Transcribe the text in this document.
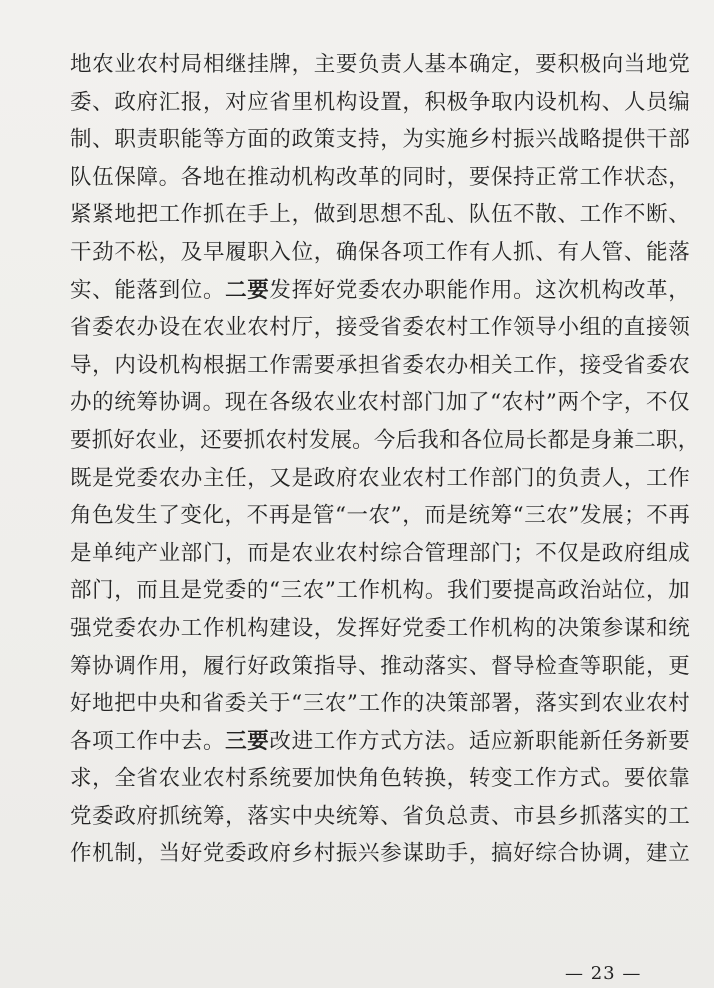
地 农 业 农 村 局 相 继 挂 牌 ， 主 要 负 责 人 基 本 确 定 ， 要 积 极 向 当 地 党
委 、 政 府 汇 报 ， 对 应 省 里 机 构 设 置 ， 积 极 争 取 内 设 机 构 、 人 员 编
制 、 职 责 职 能 等 方 面 的 政 策 支 持 ， 为 实 施 乡 村 振 兴 战 略 提 供 干 部
队 伍 保 障 。 各 地 在 推 动 机 构 改 革 的 同 时 ， 要 保 持 正 常 工 作 状 态 ，
紧 紧 地 把 工 作 抓 在 手 上 ， 做 到 思 想 不 乱 、 队 伍 不 散 、 工 作 不 断 、
干 劲 不 松 ， 及 早 履 职 入 位 ， 确 保 各 项 工 作 有 人 抓 、 有 人 管 、 能 落
实 、 能 落 到 位 。 二 要 发 挥 好 党 委 农 办 职 能 作 用 。 这 次 机 构 改 革 ，
省 委 农 办 设 在 农 业 农 村 厅 ， 接 受 省 委 农 村 工 作 领 导 小 组 的 直 接 领
导 ， 内 设 机 构 根 据 工 作 需 要 承 担 省 委 农 办 相 关 工 作 ， 接 受 省 委 农
办 的 统 筹 协 调 。 现 在 各 级 农 业 农 村 部 门 加 了 “ 农 村 ” 两 个 字 ， 不 仅
要 抓 好 农 业 ， 还 要 抓 农 村 发 展 。 今 后 我 和 各 位 局 长 都 是 身 兼 二 职 ，
既 是 党 委 农 办 主 任 ， 又 是 政 府 农 业 农 村 工 作 部 门 的 负 责 人 ， 工 作
角 色 发 生 了 变 化 ， 不 再 是 管 “ 一 农 ” ， 而 是 统 筹 “ 三 农 ” 发 展 ； 不 再
是 单 纯 产 业 部 门 ， 而 是 农 业 农 村 综 合 管 理 部 门 ； 不 仅 是 政 府 组 成
部 门 ， 而 且 是 党 委 的 “ 三 农 ” 工 作 机 构 。 我 们 要 提 高 政 治 站 位 ， 加
强 党 委 农 办 工 作 机 构 建 设 ， 发 挥 好 党 委 工 作 机 构 的 决 策 参 谋 和 统
筹 协 调 作 用 ， 履 行 好 政 策 指 导 、 推 动 落 实 、 督 导 检 查 等 职 能 ， 更
好 地 把 中 央 和 省 委 关 于 “ 三 农 ” 工 作 的 决 策 部 署 ， 落 实 到 农 业 农 村
各 项 工 作 中 去 。 三 要 改 进 工 作 方 式 方 法 。 适 应 新 职 能 新 任 务 新 要
求 ， 全 省 农 业 农 村 系 统 要 加 快 角 色 转 换 ， 转 变 工 作 方 式 。 要 依 靠
党 委 政 府 抓 统 筹 ， 落 实 中 央 统 筹 、 省 负 总 责 、 市 县 乡 抓 落 实 的 工
作 机 制 ， 当 好 党 委 政 府 乡 村 振 兴 参 谋 助 手 ， 搞 好 综 合 协 调 ， 建 立
— 23 —
